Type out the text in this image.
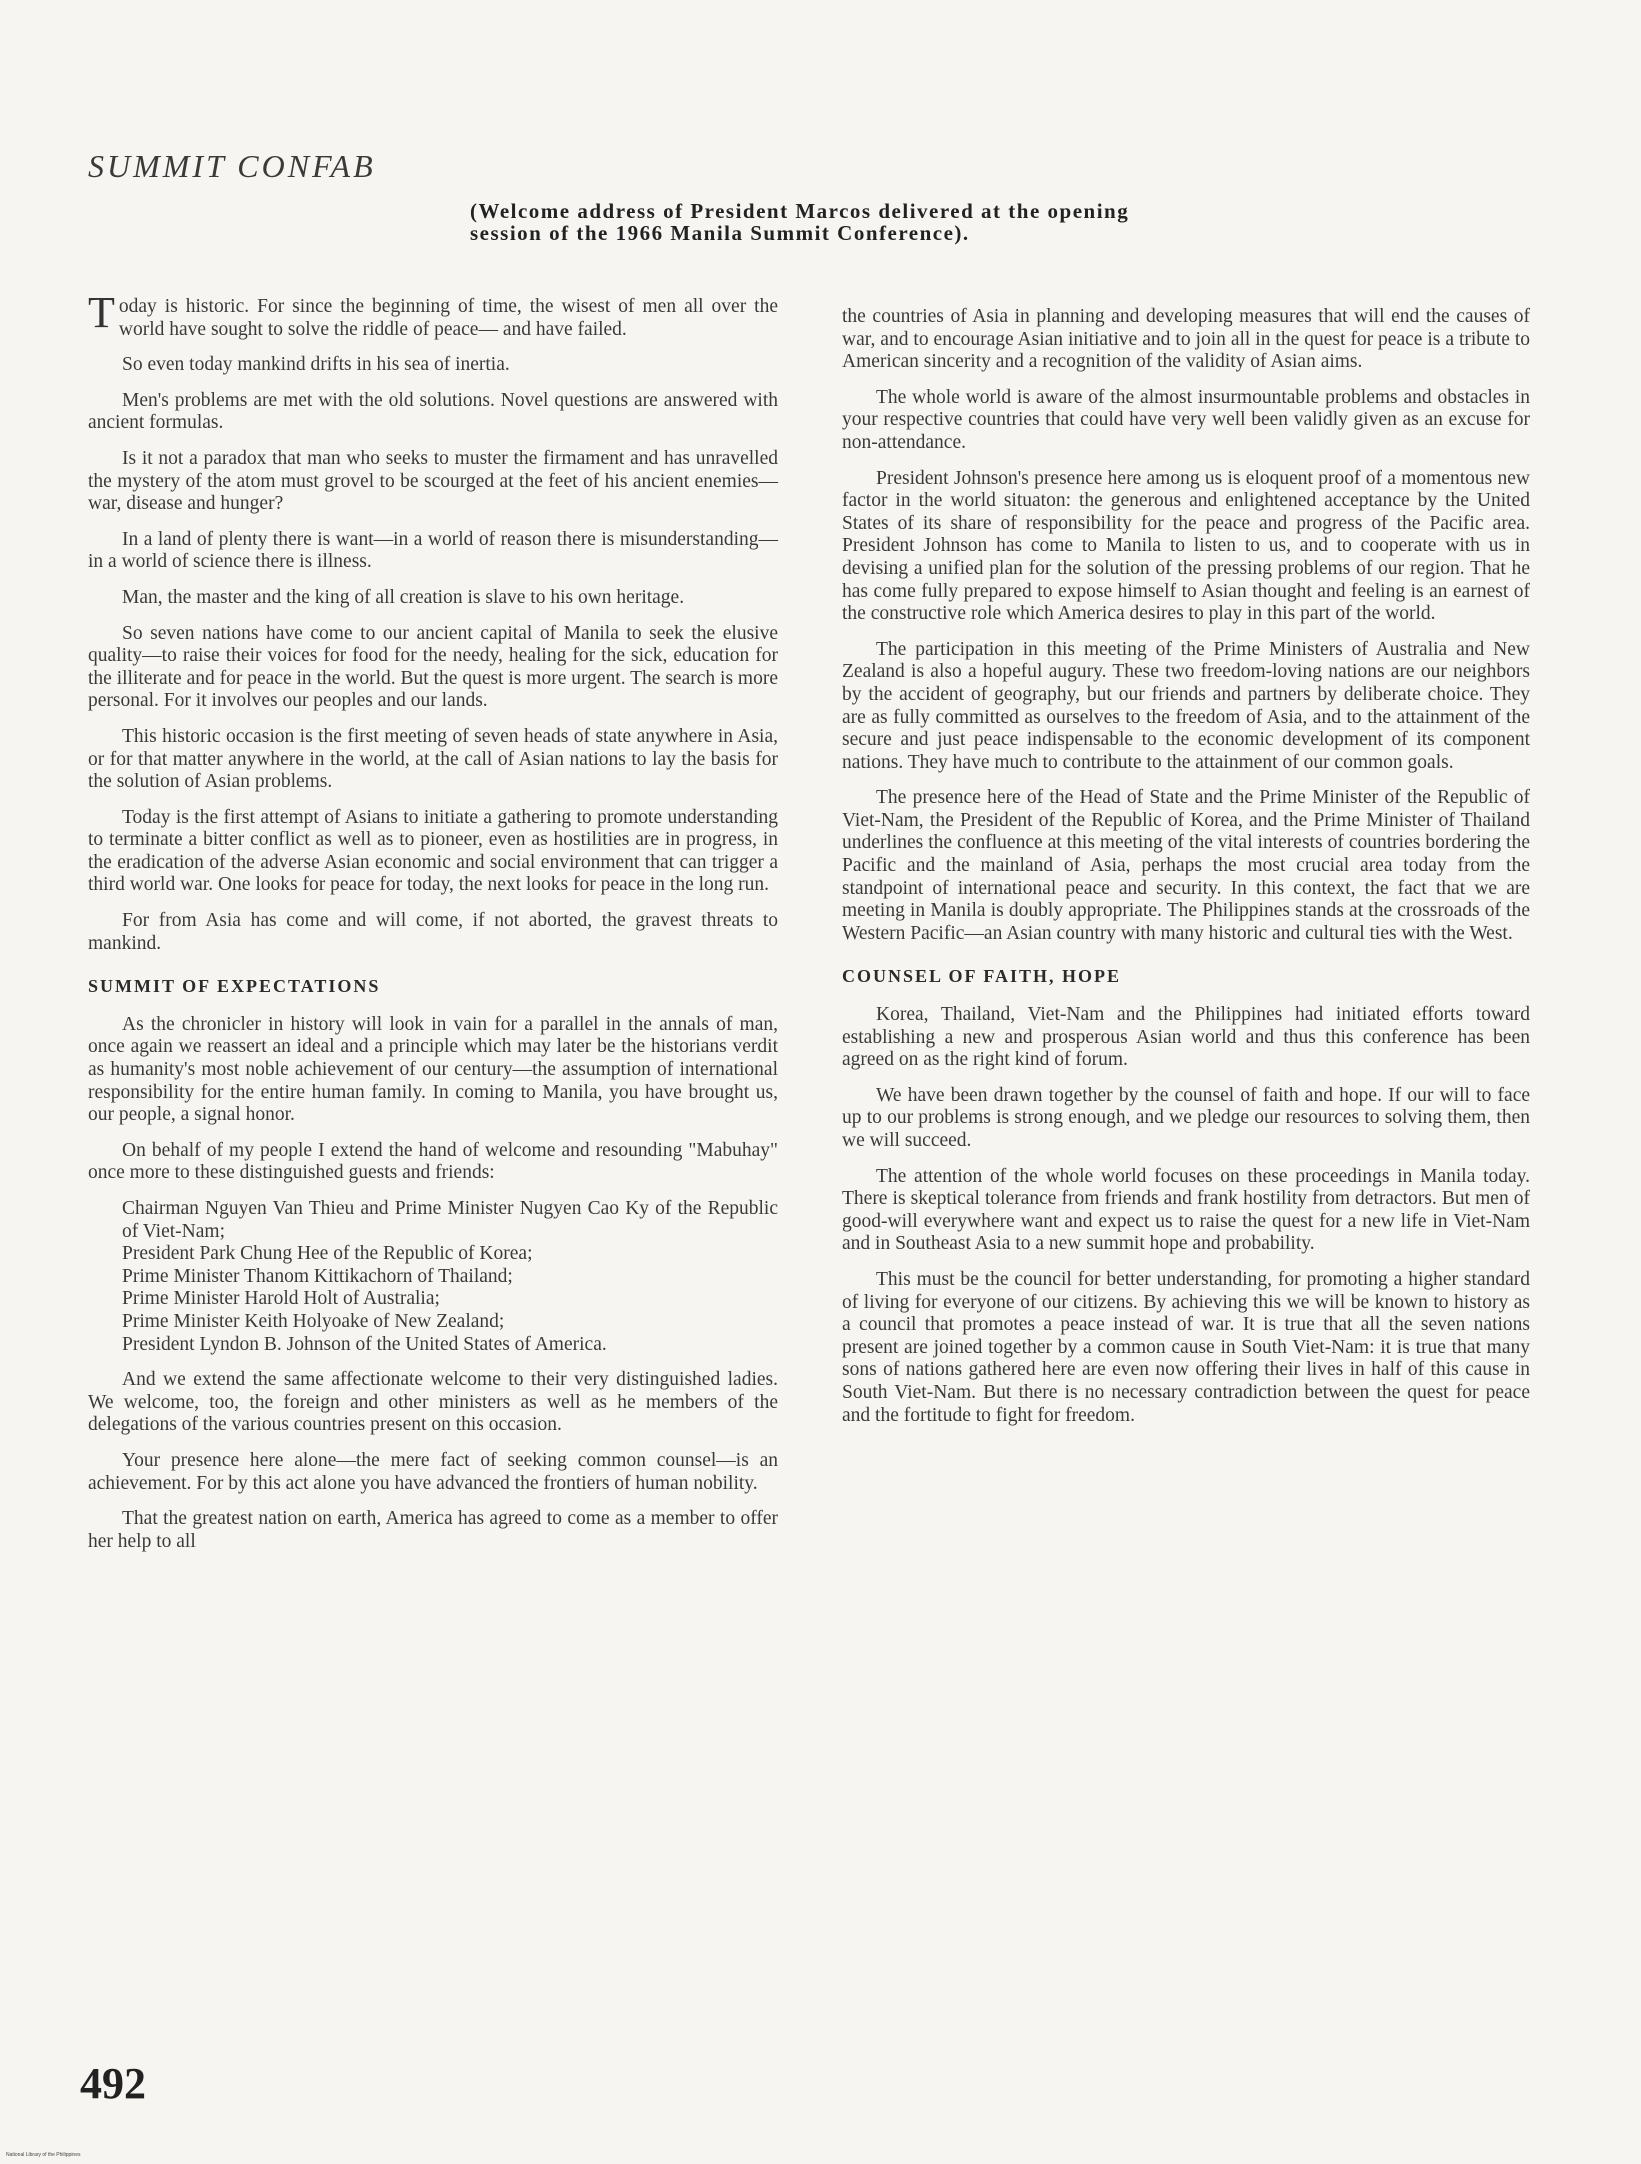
SUMMIT CONFAB
(Welcome address of President Marcos delivered at the opening session of the 1966 Manila Summit Conference).

Today is historic. For since the beginning of time, the wisest of men all over the world have sought to solve the riddle of peace— and have failed.

So even today mankind drifts in his sea of inertia.

Men's problems are met with the old solutions. Novel questions are answered with ancient formulas.

Is it not a paradox that man who seeks to muster the firmament and has unravelled the mystery of the atom must grovel to be scourged at the feet of his ancient enemies—war, disease and hunger?

In a land of plenty there is want—in a world of reason there is misunderstanding—in a world of science there is illness.

Man, the master and the king of all creation is slave to his own heritage.

So seven nations have come to our ancient capital of Manila to seek the elusive quality—to raise their voices for food for the needy, healing for the sick, education for the illiterate and for peace in the world. But the quest is more urgent. The search is more personal. For it involves our peoples and our lands.

This historic occasion is the first meeting of seven heads of state anywhere in Asia, or for that matter anywhere in the world, at the call of Asian nations to lay the basis for the solution of Asian problems.

Today is the first attempt of Asians to initiate a gathering to promote understanding to terminate a bitter conflict as well as to pioneer, even as hostilities are in progress, in the eradication of the adverse Asian economic and social environment that can trigger a third world war. One looks for peace for today, the next looks for peace in the long run.

For from Asia has come and will come, if not aborted, the gravest threats to mankind.

SUMMIT OF EXPECTATIONS

As the chronicler in history will look in vain for a parallel in the annals of man, once again we reassert an ideal and a principle which may later be the historians verdit as humanity's most noble achievement of our century—the assumption of international responsibility for the entire human family. In coming to Manila, you have brought us, our people, a signal honor.

On behalf of my people I extend the hand of welcome and resounding "Mabuhay" once more to these distinguished guests and friends:

Chairman Nguyen Van Thieu and Prime Minister Nugyen Cao Ky of the Republic of Viet-Nam;
President Park Chung Hee of the Republic of Korea;
Prime Minister Thanom Kittikachorn of Thailand;
Prime Minister Harold Holt of Australia;
Prime Minister Keith Holyoake of New Zealand;
President Lyndon B. Johnson of the United States of America.

And we extend the same affectionate welcome to their very distinguished ladies. We welcome, too, the foreign and other ministers as well as he members of the delegations of the various countries present on this occasion.

Your presence here alone—the mere fact of seeking common counsel—is an achievement. For by this act alone you have advanced the frontiers of human nobility.

That the greatest nation on earth, America has agreed to come as a member to offer her help to all

the countries of Asia in planning and developing measures that will end the causes of war, and to encourage Asian initiative and to join all in the quest for peace is a tribute to American sincerity and a recognition of the validity of Asian aims.

The whole world is aware of the almost insurmountable problems and obstacles in your respective countries that could have very well been validly given as an excuse for non-attendance.

President Johnson's presence here among us is eloquent proof of a momentous new factor in the world situaton: the generous and enlightened acceptance by the United States of its share of responsibility for the peace and progress of the Pacific area. President Johnson has come to Manila to listen to us, and to cooperate with us in devising a unified plan for the solution of the pressing problems of our region. That he has come fully prepared to expose himself to Asian thought and feeling is an earnest of the constructive role which America desires to play in this part of the world.

The participation in this meeting of the Prime Ministers of Australia and New Zealand is also a hopeful augury. These two freedom-loving nations are our neighbors by the accident of geography, but our friends and partners by deliberate choice. They are as fully committed as ourselves to the freedom of Asia, and to the attainment of the secure and just peace indispensable to the economic development of its component nations. They have much to contribute to the attainment of our common goals.

The presence here of the Head of State and the Prime Minister of the Republic of Viet-Nam, the President of the Republic of Korea, and the Prime Minister of Thailand underlines the confluence at this meeting of the vital interests of countries bordering the Pacific and the mainland of Asia, perhaps the most crucial area today from the standpoint of international peace and security. In this context, the fact that we are meeting in Manila is doubly appropriate. The Philippines stands at the crossroads of the Western Pacific—an Asian country with many historic and cultural ties with the West.

COUNSEL OF FAITH, HOPE

Korea, Thailand, Viet-Nam and the Philippines had initiated efforts toward establishing a new and prosperous Asian world and thus this conference has been agreed on as the right kind of forum.

We have been drawn together by the counsel of faith and hope. If our will to face up to our problems is strong enough, and we pledge our resources to solving them, then we will succeed.

The attention of the whole world focuses on these proceedings in Manila today. There is skeptical tolerance from friends and frank hostility from detractors. But men of good-will everywhere want and expect us to raise the quest for a new life in Viet-Nam and in Southeast Asia to a new summit hope and probability.

This must be the council for better understanding, for promoting a higher standard of living for everyone of our citizens. By achieving this we will be known to history as a council that promotes a peace instead of war. It is true that all the seven nations present are joined together by a common cause in South Viet-Nam: it is true that many sons of nations gathered here are even now offering their lives in half of this cause in South Viet-Nam. But there is no necessary contradiction between the quest for peace and the fortitude to fight for freedom.

492
National Library of the Philippines
